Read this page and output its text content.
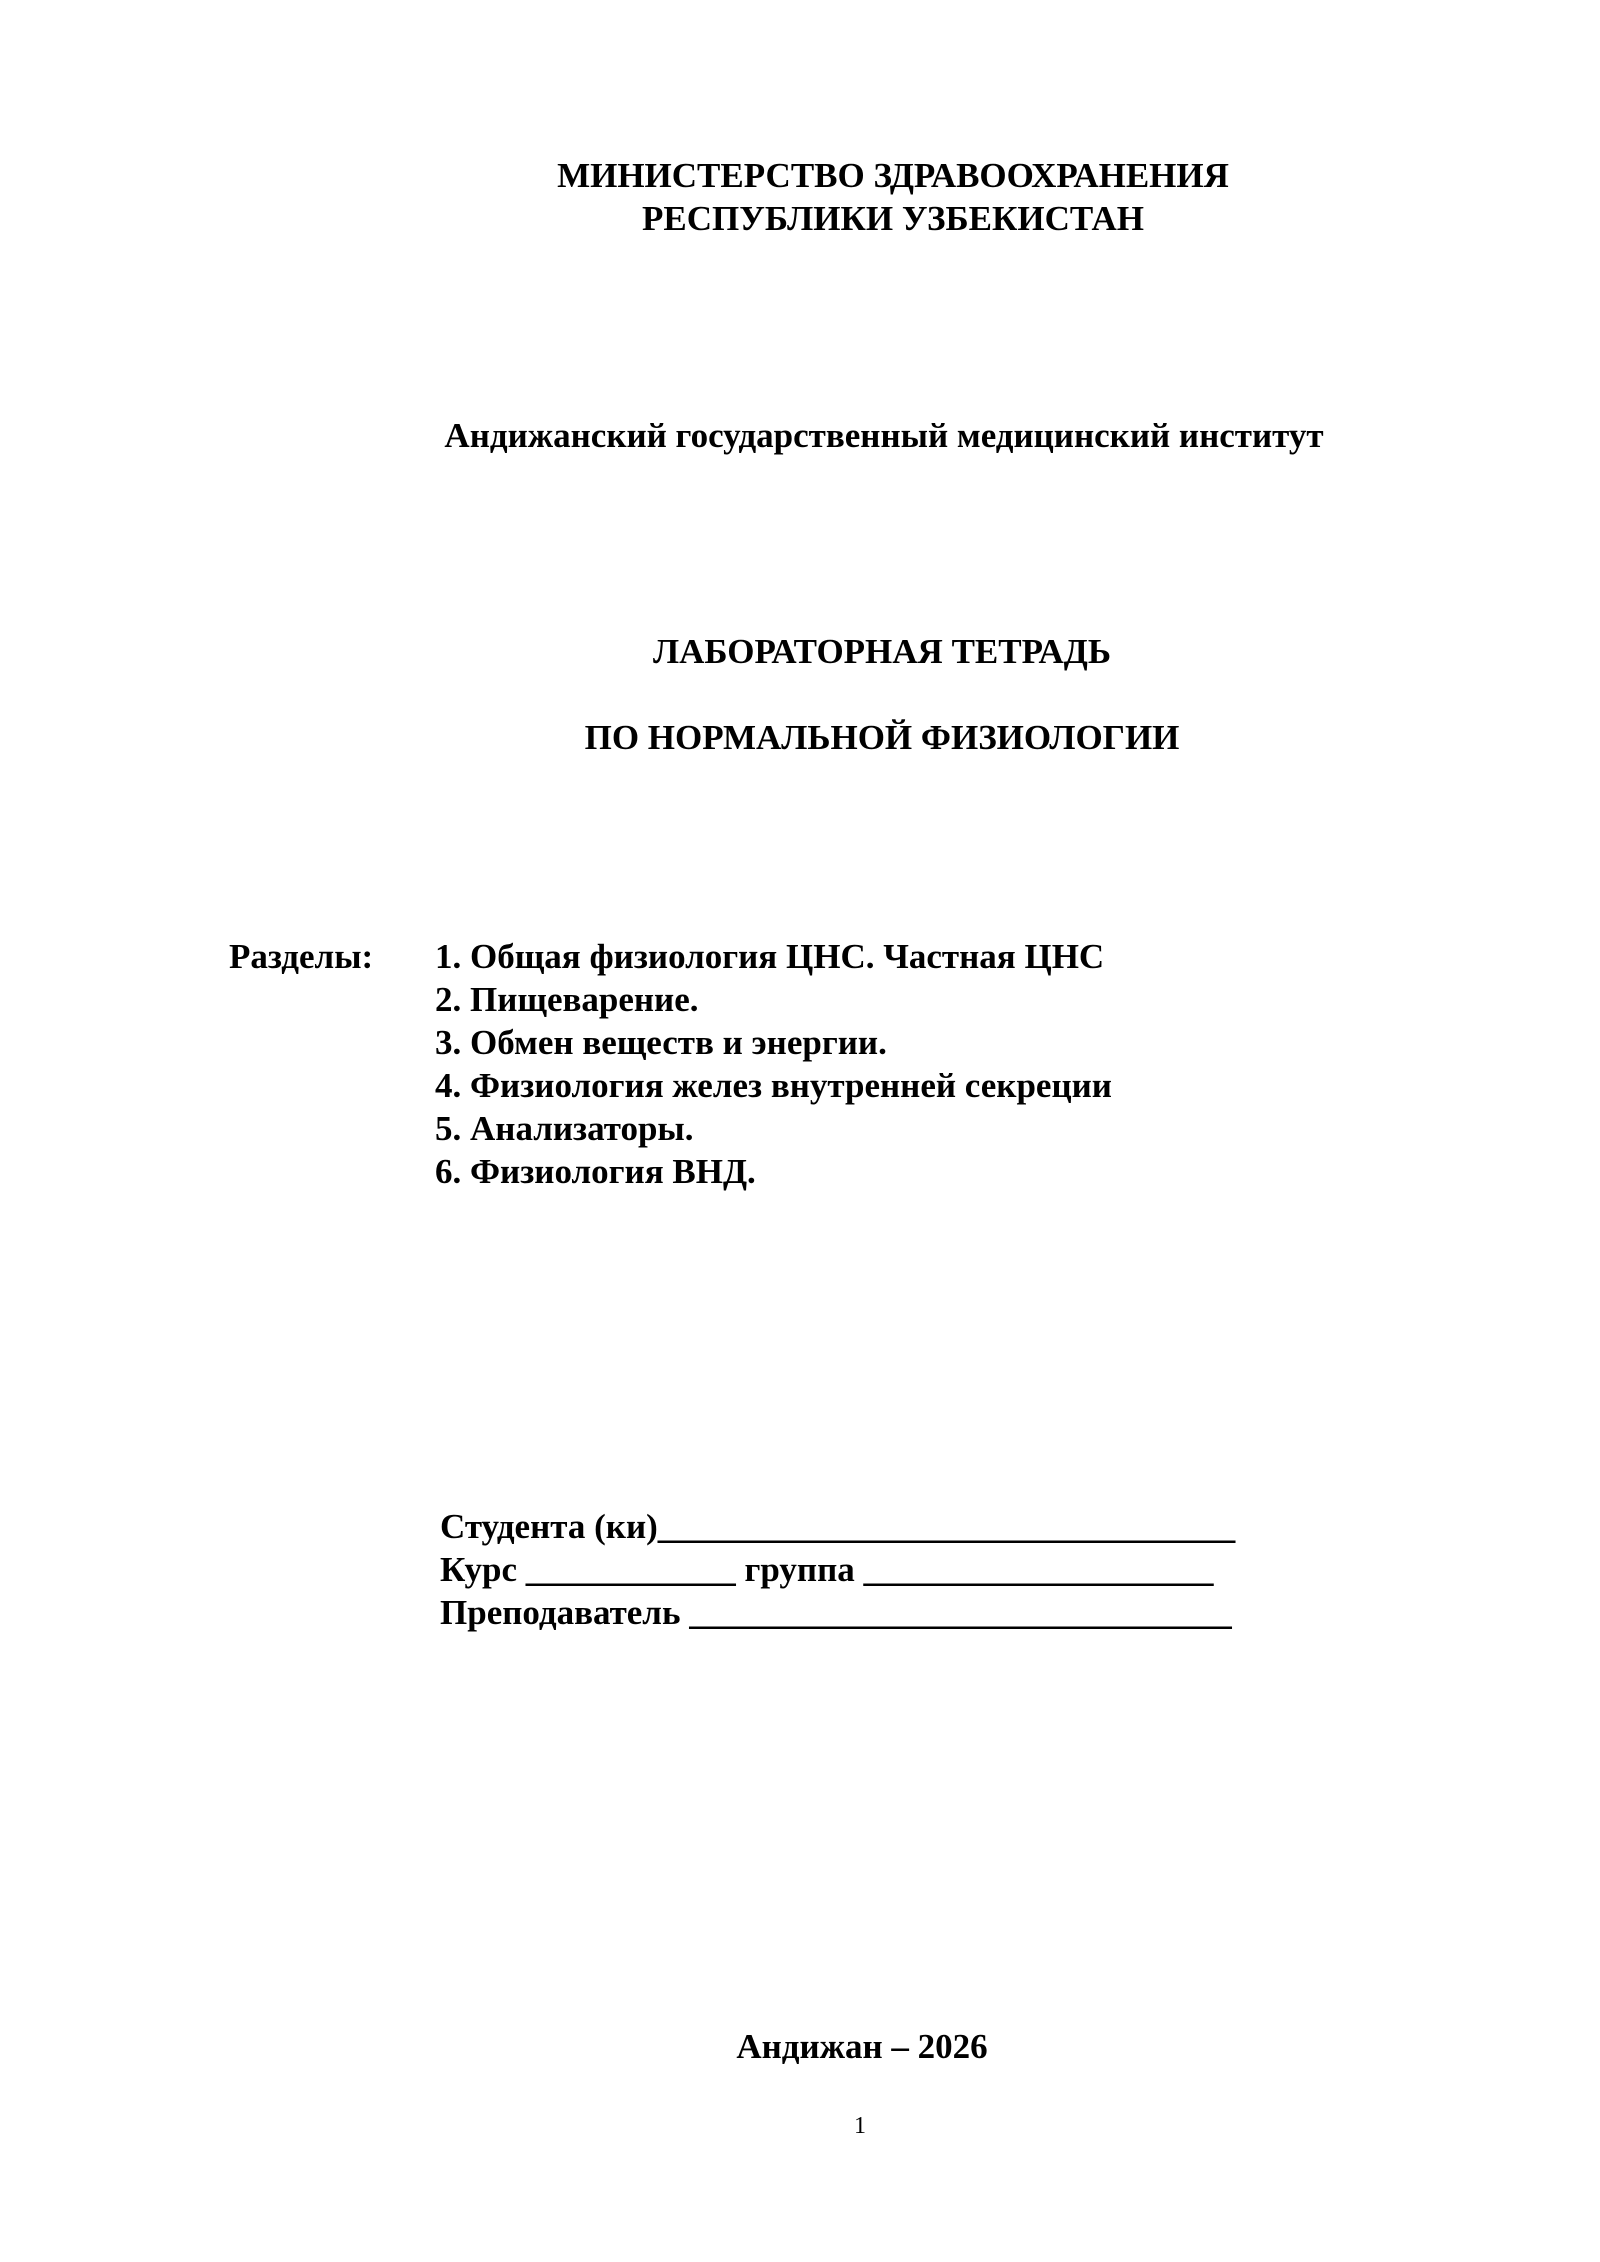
МИНИСТЕРСТВО ЗДРАВООХРАНЕНИЯ
РЕСПУБЛИКИ УЗБЕКИСТАН
Андижанский государственный медицинский институт
ЛАБОРАТОРНАЯ ТЕТРАДЬ
ПО НОРМАЛЬНОЙ ФИЗИОЛОГИИ
Разделы: 1. Общая физиология ЦНС. Частная ЦНС
2. Пищеварение.
3. Обмен веществ и энергии.
4. Физиология желез внутренней секреции
5. Анализаторы.
6. Физиология ВНД.
Студента (ки)_________________________________
Курс ____________ группа ____________________
Преподаватель _______________________________
Андижан – 2026
1
